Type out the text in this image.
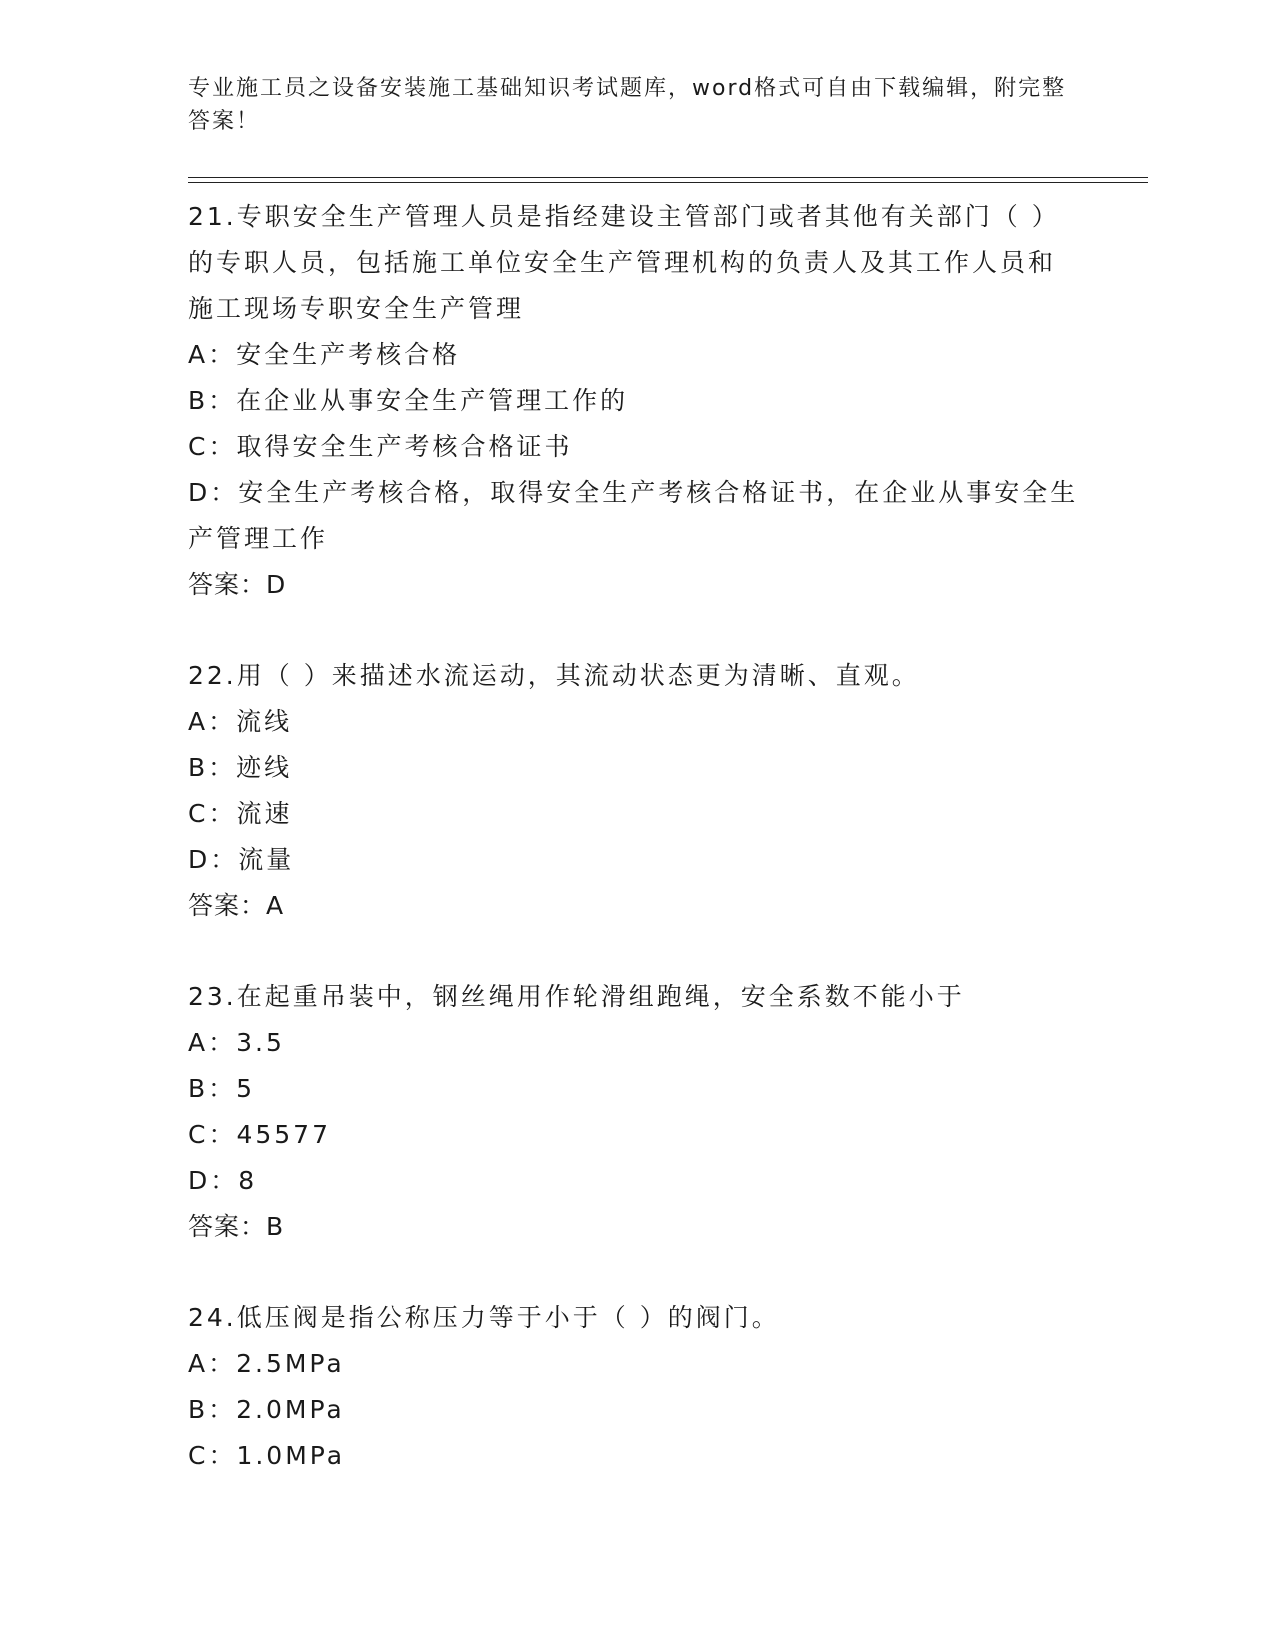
专业施工员之设备安装施工基础知识考试题库，word格式可自由下载编辑，附完整答案！
21.专职安全生产管理人员是指经建设主管部门或者其他有关部门（ ）的专职人员，包括施工单位安全生产管理机构的负责人及其工作人员和施工现场专职安全生产管理
A：安全生产考核合格
B：在企业从事安全生产管理工作的
C：取得安全生产考核合格证书
D：安全生产考核合格，取得安全生产考核合格证书，在企业从事安全生产管理工作
答案：D
22.用（ ）来描述水流运动，其流动状态更为清晰、直观。
A：流线
B：迹线
C：流速
D：流量
答案：A
23.在起重吊装中，钢丝绳用作轮滑组跑绳，安全系数不能小于
A：3.5
B：5
C：45577
D：8
答案：B
24.低压阀是指公称压力等于小于（ ）的阀门。
A：2.5MPa
B：2.0MPa
C：1.0MPa
